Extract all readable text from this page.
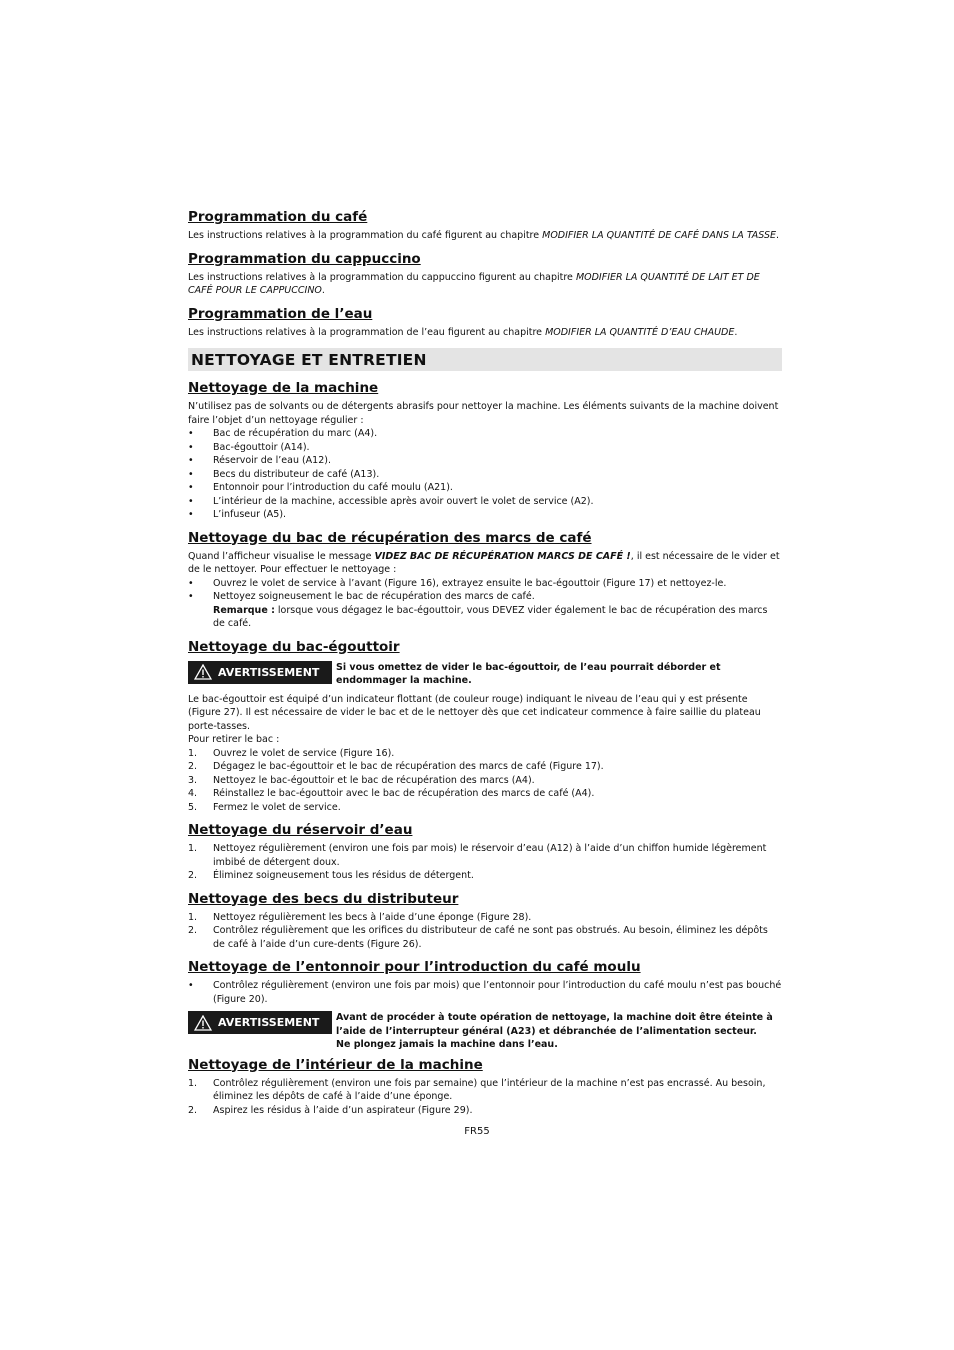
Programmation du café

Les instructions relatives à la programmation du café figurent au chapitre MODIFIER LA QUANTITÉ DE CAFÉ DANS LA TASSE.

Programmation du cappuccino

Les instructions relatives à la programmation du cappuccino figurent au chapitre MODIFIER LA QUANTITÉ DE LAIT ET DE CAFÉ POUR LE CAPPUCCINO.

Programmation de l’eau

Les instructions relatives à la programmation de l’eau figurent au chapitre MODIFIER LA QUANTITÉ D’EAU CHAUDE.

NETTOYAGE ET ENTRETIEN
Nettoyage de la machine

N’utilisez pas de solvants ou de détergents abrasifs pour nettoyer la machine. Les éléments suivants de la machine doivent faire l’objet d’un nettoyage régulier :

• Bac de récupération du marc (A4).
• Bac-égouttoir (A14).
• Réservoir de l’eau (A12).
• Becs du distributeur de café (A13).
• Entonnoir pour l’introduction du café moulu (A21).
• L’intérieur de la machine, accessible après avoir ouvert le volet de service (A2).
• L’infuseur (A5).
Nettoyage du bac de récupération des marcs de café

Quand l’afficheur visualise le message VIDEZ BAC DE RÉCUPÉRATION MARCS DE CAFÉ !, il est nécessaire de le vider et de le nettoyer. Pour effectuer le nettoyage :

• Ouvrez le volet de service à l’avant (Figure 16), extrayez ensuite le bac-égouttoir (Figure 17) et nettoyez-le.
• Nettoyez soigneusement le bac de récupération des marcs de café.
Remarque : lorsque vous dégagez le bac-égouttoir, vous DEVEZ vider également le bac de récupération des marcs de café.
Nettoyage du bac-égouttoir
AVERTISSEMENT Si vous omettez de vider le bac-égouttoir, de l’eau pourrait déborder et endommager la machine.

Le bac-égouttoir est équipé d’un indicateur flottant (de couleur rouge) indiquant le niveau de l’eau qui y est présente (Figure 27). Il est nécessaire de vider le bac et de le nettoyer dès que cet indicateur commence à faire saillie du plateau porte-tasses.

Pour retirer le bac :

1. Ouvrez le volet de service (Figure 16).
2. Dégagez le bac-égouttoir et le bac de récupération des marcs de café (Figure 17).
3. Nettoyez le bac-égouttoir et le bac de récupération des marcs (A4).
4. Réinstallez le bac-égouttoir avec le bac de récupération des marcs de café (A4).
5. Fermez le volet de service.
Nettoyage du réservoir d’eau
1. Nettoyez régulièrement (environ une fois par mois) le réservoir d’eau (A12) à l’aide d’un chiffon humide légèrement imbibé de détergent doux.
2. Éliminez soigneusement tous les résidus de détergent.
Nettoyage des becs du distributeur
1. Nettoyez régulièrement les becs à l’aide d’une éponge (Figure 28).
2. Contrôlez régulièrement que les orifices du distributeur de café ne sont pas obstrués. Au besoin, éliminez les dépôts de café à l’aide d’un cure-dents (Figure 26).
Nettoyage de l’entonnoir pour l’introduction du café moulu
• Contrôlez régulièrement (environ une fois par mois) que l’entonnoir pour l’introduction du café moulu n’est pas bouché (Figure 20).
AVERTISSEMENT Avant de procéder à toute opération de nettoyage, la machine doit être éteinte à l’aide de l’interrupteur général (A23) et débranchée de l’alimentation secteur.
Ne plongez jamais la machine dans l’eau.
Nettoyage de l’intérieur de la machine
1. Contrôlez régulièrement (environ une fois par semaine) que l’intérieur de la machine n’est pas encrassé. Au besoin, éliminez les dépôts de café à l’aide d’une éponge.
2. Aspirez les résidus à l’aide d’un aspirateur (Figure 29).
FR55
